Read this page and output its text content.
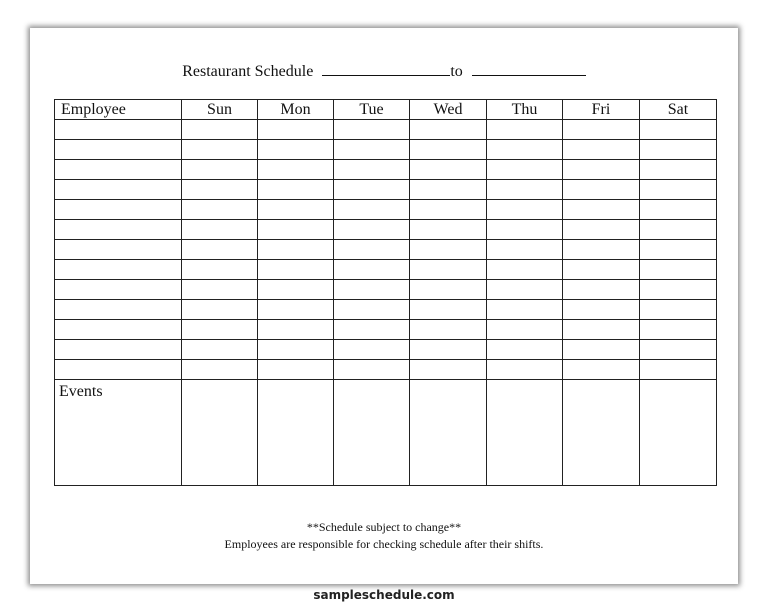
Restaurant Schedule	to
Employee	Sun	Mon	Tue	Wed	Thu	Fri	Sat

Events							

**Schedule subject to change**
Employees are responsible for checking schedule after their shifts.
sampleschedule.com
